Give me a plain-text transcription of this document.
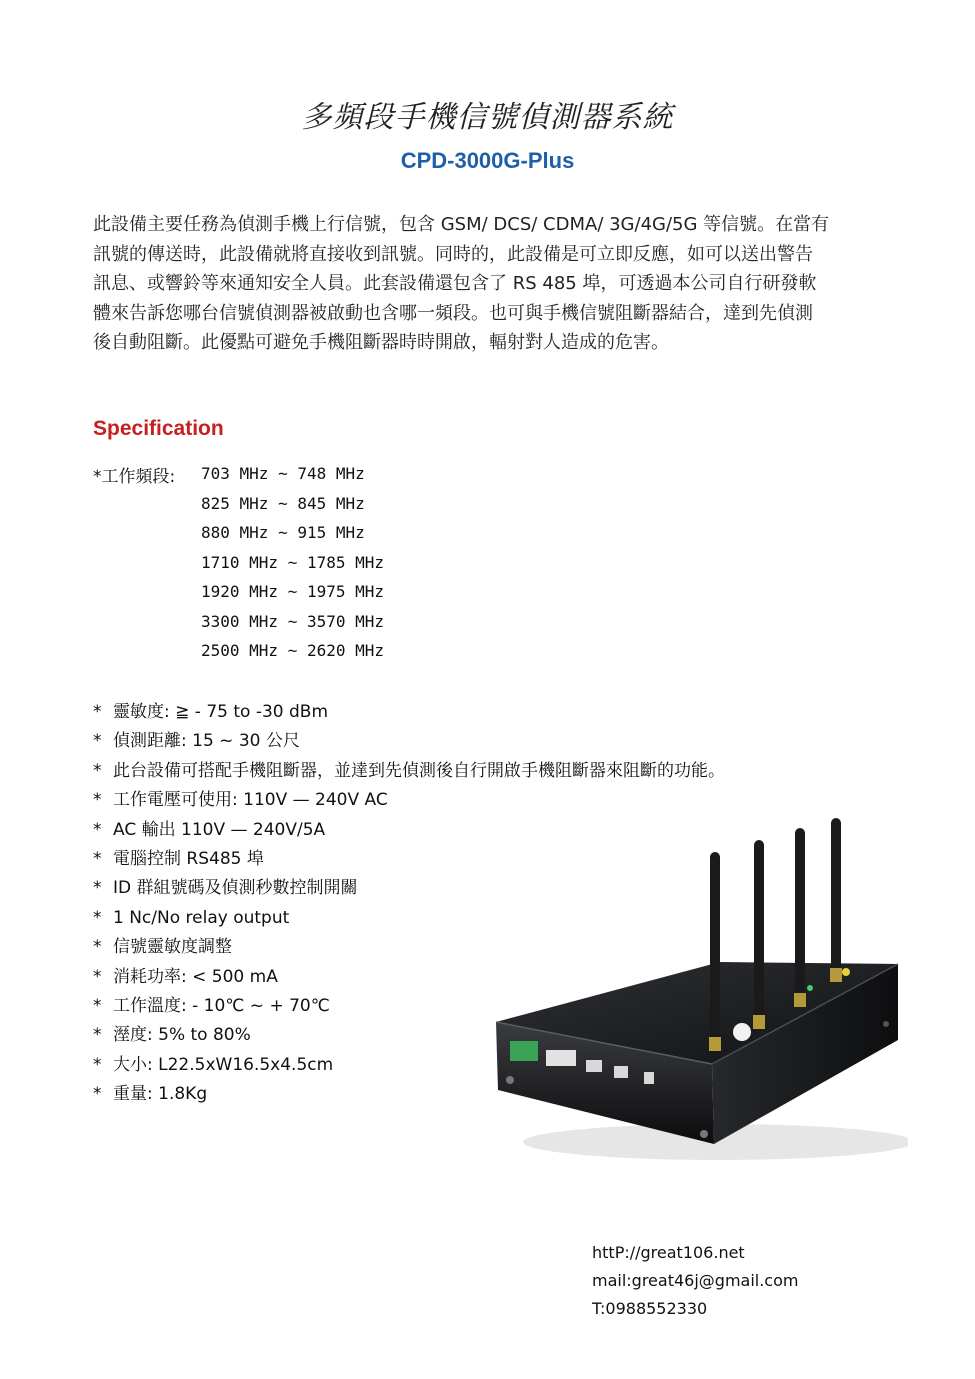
多頻段手機信號偵測器系統
CPD-3000G-Plus
此設備主要任務為偵測手機上行信號，包含 GSM/ DCS/ CDMA/ 3G/4G/5G 等信號。在當有
訊號的傳送時，此設備就將直接收到訊號。同時的，此設備是可立即反應，如可以送出警告
訊息、或響鈴等來通知安全人員。此套設備還包含了 RS 485 埠，可透過本公司自行研發軟
體來告訴您哪台信號偵測器被啟動也含哪一頻段。也可與手機信號阻斷器結合，達到先偵測
後自動阻斷。此優點可避免手機阻斷器時時開啟，輻射對人造成的危害。
Specification
*工作頻段: 703 MHz ~ 748 MHz
825 MHz ~ 845 MHz
880 MHz ~ 915 MHz
1710 MHz ~ 1785 MHz
1920 MHz ~ 1975 MHz
3300 MHz ~ 3570 MHz
2500 MHz ~ 2620 MHz
* 靈敏度: ≧ - 75 to -30 dBm
* 偵測距離: 15 ~ 30 公尺
* 此台設備可搭配手機阻斷器，並達到先偵測後自行開啟手機阻斷器來阻斷的功能。
* 工作電壓可使用: 110V — 240V AC
* AC 輸出 110V — 240V/5A
* 電腦控制 RS485 埠
* ID 群組號碼及偵測秒數控制開關
* 1 Nc/No relay output
* 信號靈敏度調整
* 消耗功率: < 500 mA
* 工作溫度: - 10℃ ~ + 70℃
* 溼度: 5% to 80%
* 大小: L22.5xW16.5x4.5cm
* 重量: 1.8Kg
httP://great106.net
mail:great46j@gmail.com
T:0988552330
